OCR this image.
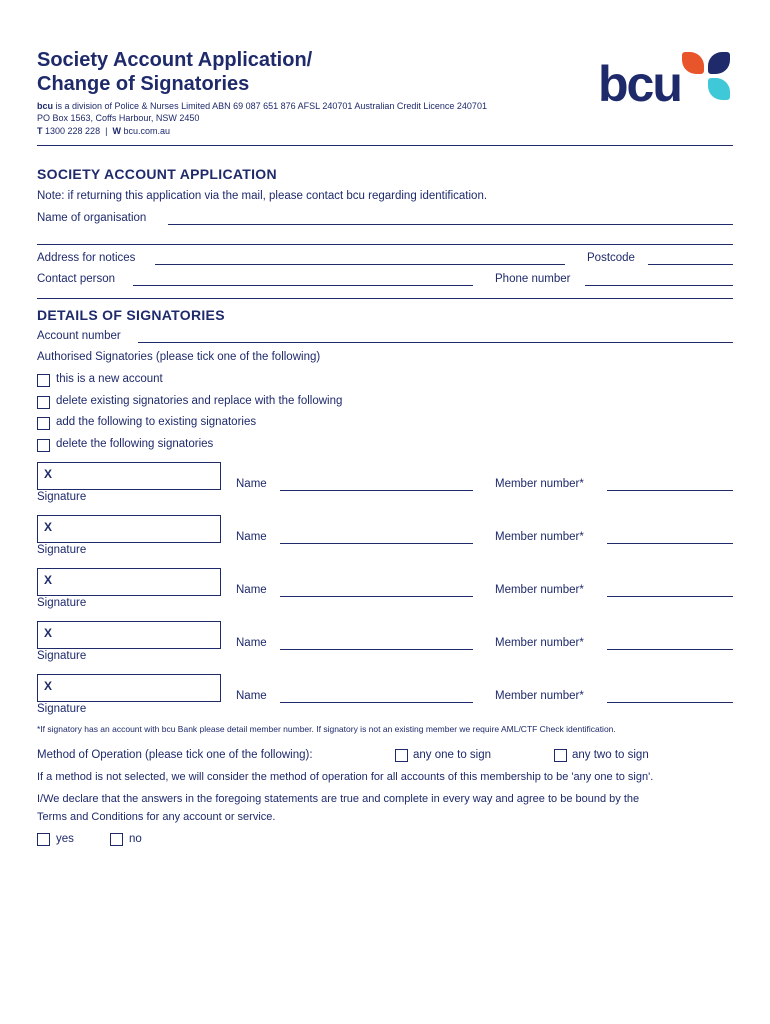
Society Account Application/
Change of Signatories
bcu is a division of Police & Nurses Limited ABN 69 087 651 876 AFSL 240701 Australian Credit Licence 240701
PO Box 1563, Coffs Harbour, NSW 2450
T 1300 228 228  |  W bcu.com.au
bcu
SOCIETY ACCOUNT APPLICATION
Note: if returning this application via the mail, please contact bcu regarding identification.
Name of organisation
Address for notices	Postcode
Contact person	Phone number
DETAILS OF SIGNATORIES
Account number
Authorised Signatories (please tick one of the following)
this is a new account
delete existing signatories and replace with the following
add the following to existing signatories
delete the following signatories
X
Signature
Name	Member number*
X
Signature
Name	Member number*
X
Signature
Name	Member number*
X
Signature
Name	Member number*
X
Signature
Name	Member number*
*If signatory has an account with bcu Bank please detail member number. If signatory is not an existing member we require AML/CTF Check identification.
Method of Operation (please tick one of the following):	any one to sign	any two to sign
If a method is not selected, we will consider the method of operation for all accounts of this membership to be 'any one to sign'.
I/We declare that the answers in the foregoing statements are true and complete in every way and agree to be bound by the
Terms and Conditions for any account or service.
yes	no
